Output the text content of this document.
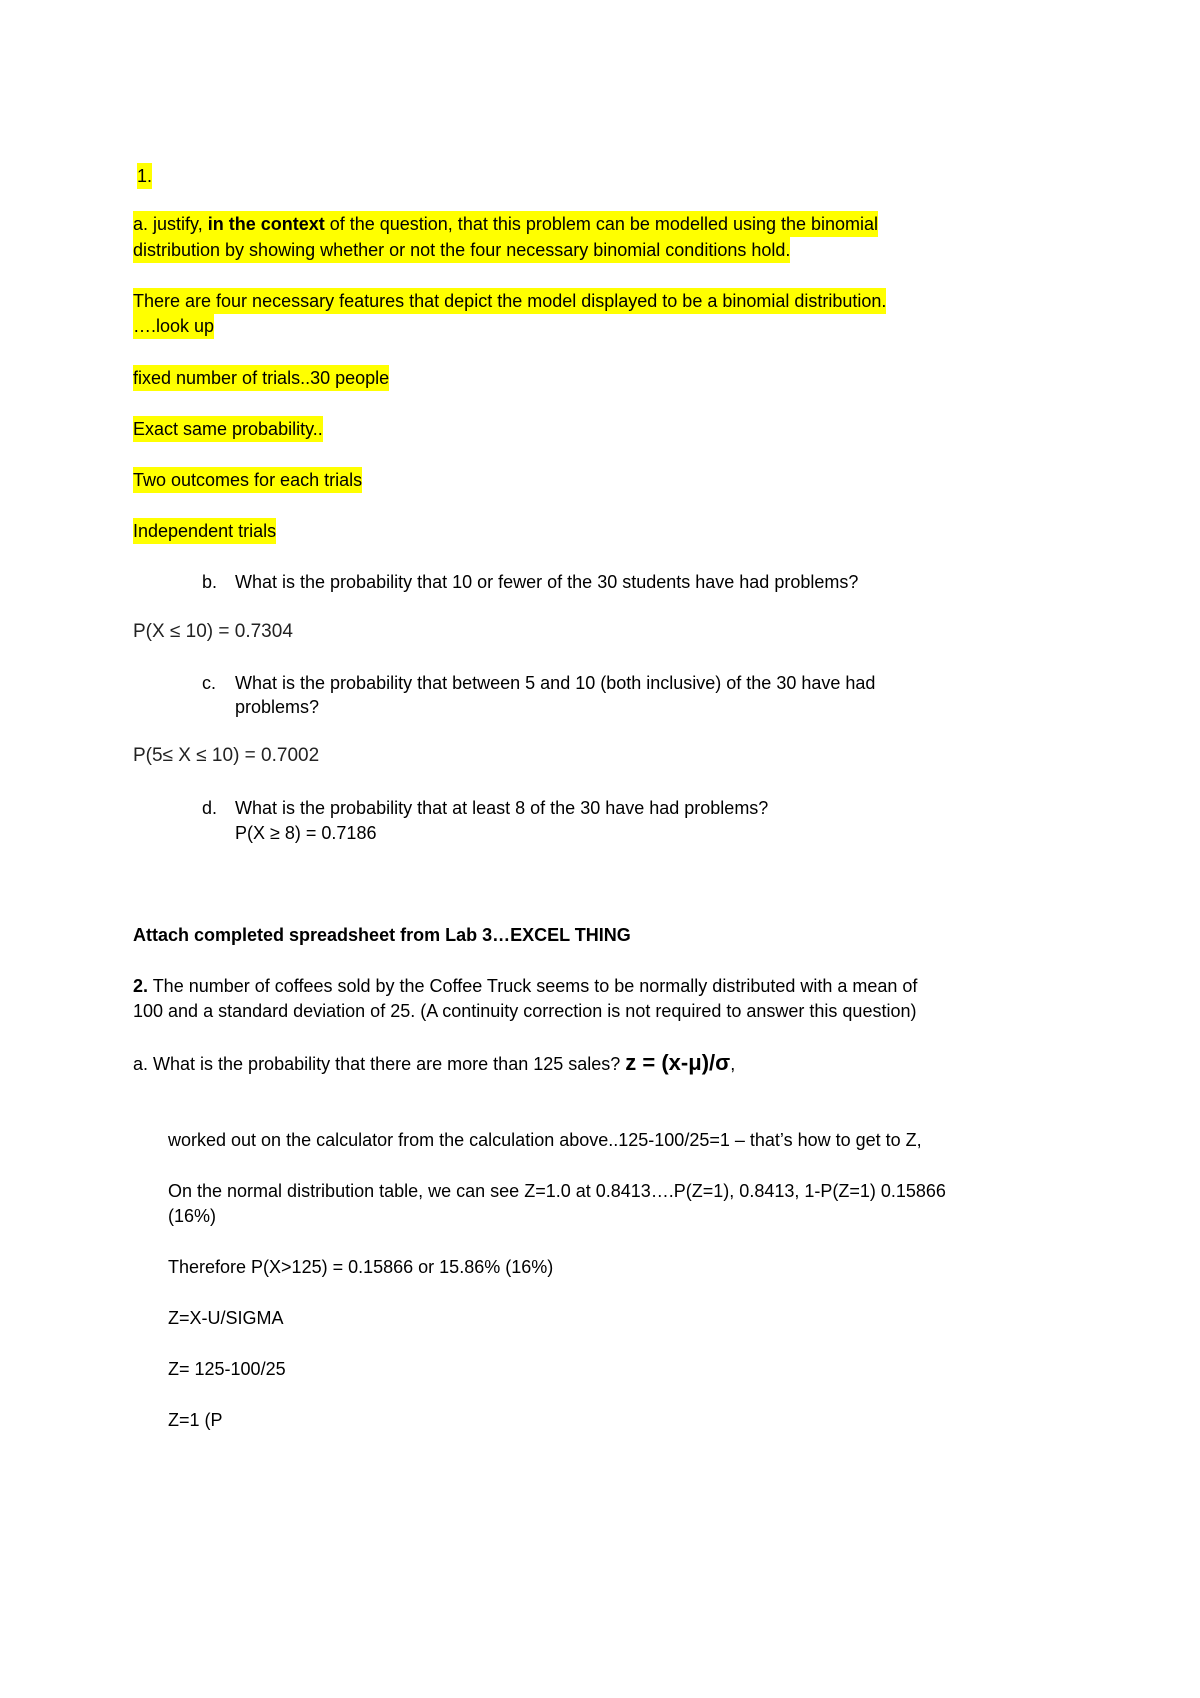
1.
a. justify, in the context of the question, that this problem can be modelled using the binomial
distribution by showing whether or not the four necessary binomial conditions hold.
There are four necessary features that depict the model displayed to be a binomial distribution.
….look up
fixed number of trials..30 people
Exact same probability..
Two outcomes for each trials
Independent trials
b. What is the probability that 10 or fewer of the 30 students have had problems?
P(X ≤ 10) = 0.7304
c. What is the probability that between 5 and 10 (both inclusive) of the 30 have had
problems?
P(5≤ X ≤ 10) = 0.7002
d. What is the probability that at least 8 of the 30 have had problems?
P(X ≥ 8) = 0.7186
Attach completed spreadsheet from Lab 3…EXCEL THING
2. The number of coffees sold by the Coffee Truck seems to be normally distributed with a mean of
100 and a standard deviation of 25. (A continuity correction is not required to answer this question)
a. What is the probability that there are more than 125 sales? z = (x-μ)/σ,
worked out on the calculator from the calculation above..125-100/25=1 – that’s how to get to Z,
On the normal distribution table, we can see Z=1.0 at 0.8413….P(Z=1), 0.8413, 1-P(Z=1) 0.15866
(16%)
Therefore P(X>125) = 0.15866 or 15.86% (16%)
Z=X-U/SIGMA
Z= 125-100/25
Z=1 (P
